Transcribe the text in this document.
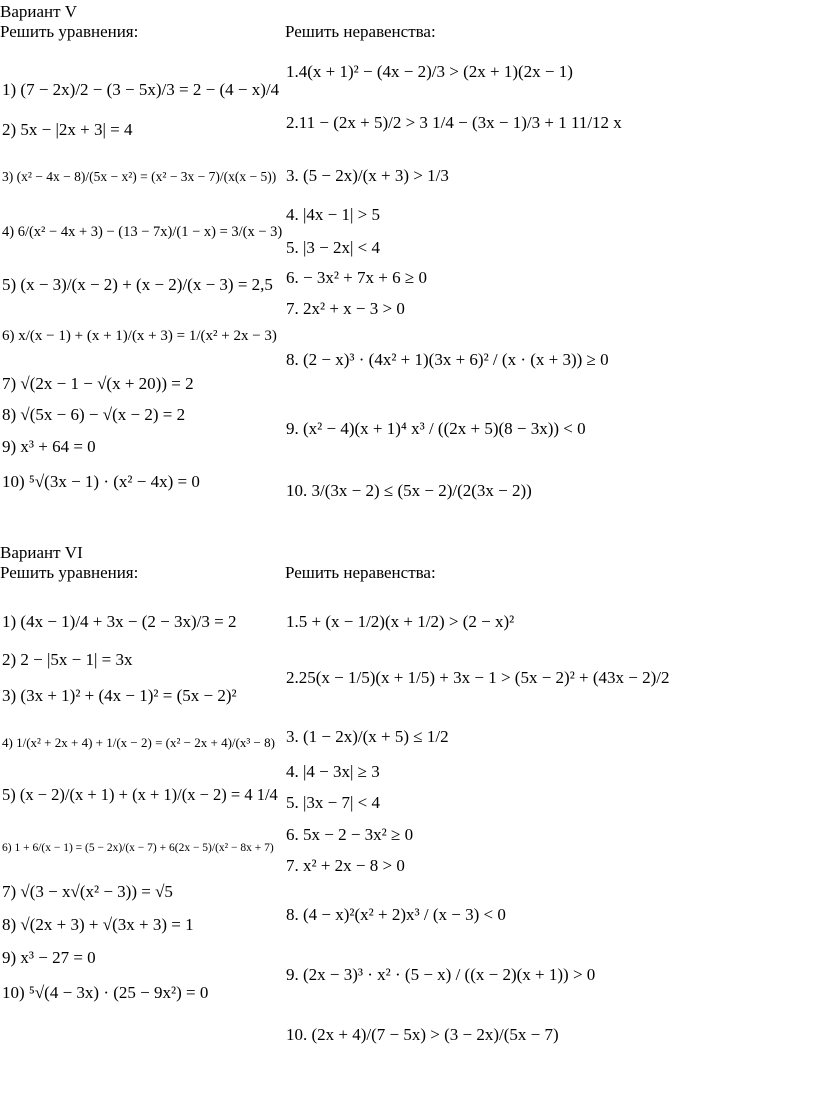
Вариант V
Решить уравнения:	Решить неравенства:
1) (7 − 2x)/2 − (3 − 5x)/3 = 2 − (4 − x)/4
2) 5x − |2x + 3| = 4
3) (x² − 4x − 8)/(5x − x²) = (x² − 3x − 7)/(x(x − 5))
4) 6/(x² − 4x + 3) − (13 − 7x)/(1 − x) = 3/(x − 3)
5) (x − 3)/(x − 2) + (x − 2)/(x − 3) = 2,5
6) x/(x − 1) + (x + 1)/(x + 3) = 1/(x² + 2x − 3)
7) √(2x − 1 − √(x + 20)) = 2
8) √(5x − 6) − √(x − 2) = 2
9) x³ + 64 = 0
10) ⁵√(3x − 1) · (x² − 4x) = 0
1.4(x + 1)² − (4x − 2)/3 > (2x + 1)(2x − 1)
2.11 − (2x + 5)/2 > 3 1/4 − (3x − 1)/3 + 1 11/12 x
3. (5 − 2x)/(x + 3) > 1/3
4. |4x − 1| > 5
5. |3 − 2x| < 4
6. − 3x² + 7x + 6 ≥ 0
7. 2x² + x − 3 > 0
8. (2 − x)³ · (4x² + 1)(3x + 6)² / (x · (x + 3)) ≥ 0
9. (x² − 4)(x + 1)⁴ x³ / ((2x + 5)(8 − 3x)) < 0
10. 3/(3x − 2) ≤ (5x − 2)/(2(3x − 2))
Вариант VI
Решить уравнения:	Решить неравенства:
1) (4x − 1)/4 + 3x − (2 − 3x)/3 = 2
2) 2 − |5x − 1| = 3x
3) (3x + 1)² + (4x − 1)² = (5x − 2)²
4) 1/(x² + 2x + 4) + 1/(x − 2) = (x² − 2x + 4)/(x³ − 8)
5) (x − 2)/(x + 1) + (x + 1)/(x − 2) = 4 1/4
6) 1 + 6/(x − 1) = (5 − 2x)/(x − 7) + 6(2x − 5)/(x² − 8x + 7)
7) √(3 − x√(x² − 3)) = √5
8) √(2x + 3) + √(3x + 3) = 1
9) x³ − 27 = 0
10) ⁵√(4 − 3x) · (25 − 9x²) = 0
1.5 + (x − 1/2)(x + 1/2) > (2 − x)²
2.25(x − 1/5)(x + 1/5) + 3x − 1 > (5x − 2)² + (43x − 2)/2
3. (1 − 2x)/(x + 5) ≤ 1/2
4. |4 − 3x| ≥ 3
5. |3x − 7| < 4
6. 5x − 2 − 3x² ≥ 0
7. x² + 2x − 8 > 0
8. (4 − x)²(x² + 2)x³ / (x − 3) < 0
9. (2x − 3)³ · x² · (5 − x) / ((x − 2)(x + 1)) > 0
10. (2x + 4)/(7 − 5x) > (3 − 2x)/(5x − 7)
